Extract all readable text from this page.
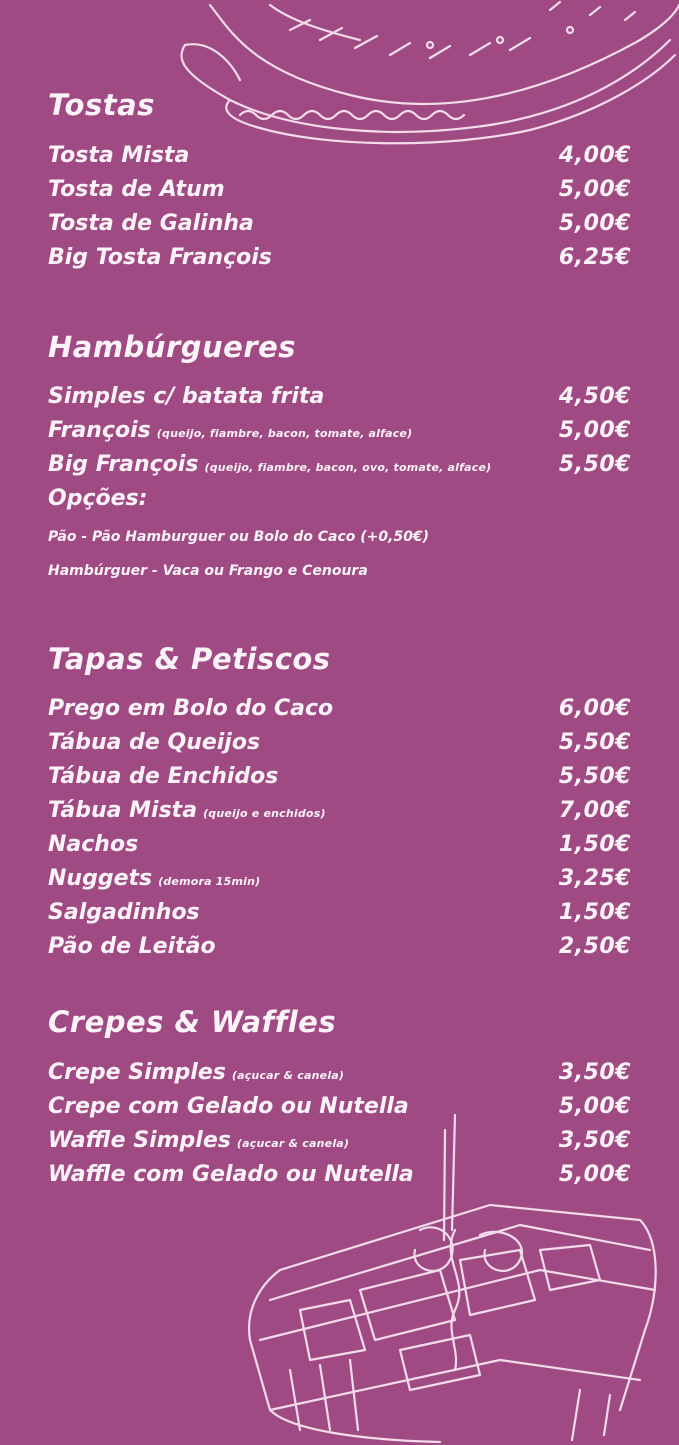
Tostas
Tosta Mista	4,00€
Tosta de Atum	5,00€
Tosta de Galinha	5,00€
Big Tosta François	6,25€
Hambúrgueres
Simples c/ batata frita	4,50€
François (queijo, fiambre, bacon, tomate, alface)	5,00€
Big François (queijo, fiambre, bacon, ovo, tomate, alface)	5,50€
Opções:
Pão - Pão Hamburguer ou Bolo do Caco (+0,50€)
Hambúrguer - Vaca ou Frango e Cenoura
Tapas & Petiscos
Prego em Bolo do Caco	6,00€
Tábua de Queijos	5,50€
Tábua de Enchidos	5,50€
Tábua Mista (queijo e enchidos)	7,00€
Nachos	1,50€
Nuggets (demora 15min)	3,25€
Salgadinhos	1,50€
Pão de Leitão	2,50€
Crepes & Waffles
Crepe Simples (açucar & canela)	3,50€
Crepe com Gelado ou Nutella	5,00€
Waffle Simples (açucar & canela)	3,50€
Waffle com Gelado ou Nutella	5,00€
